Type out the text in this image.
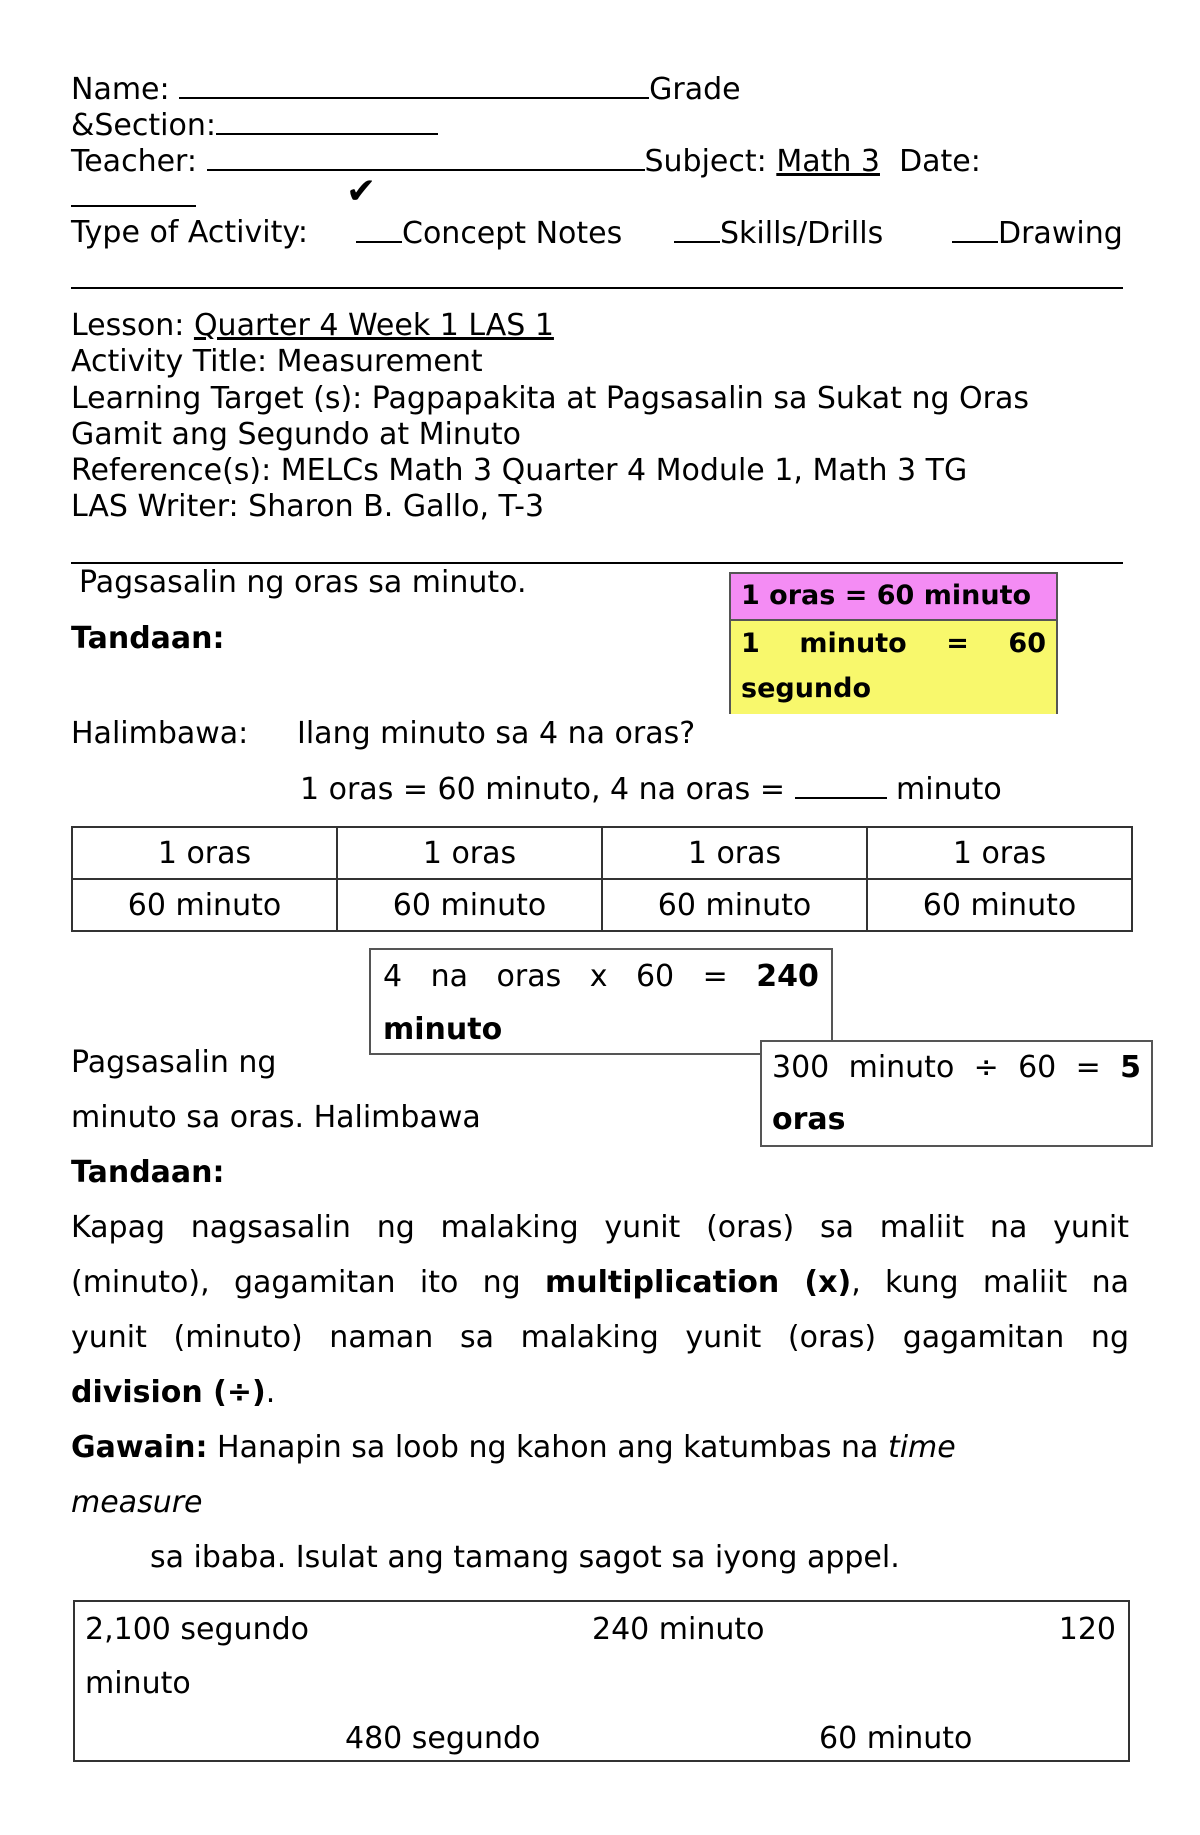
Name:	Grade
&Section:
Teacher:	Subject: Math 3 Date:
✔
Type of Activity:	Concept Notes	Skills/Drills	Drawing
Lesson: Quarter 4 Week 1 LAS 1
Activity Title: Measurement
Learning Target (s): Pagpapakita at Pagsasalin sa Sukat ng Oras
Gamit ang Segundo at Minuto
Reference(s): MELCs Math 3 Quarter 4 Module 1, Math 3 TG
LAS Writer: Sharon B. Gallo, T-3
Pagsasalin ng oras sa minuto.
Tandaan:
1 oras = 60 minuto
1 minuto = 60
segundo
Halimbawa: Ilang minuto sa 4 na oras?
1 oras = 60 minuto, 4 na oras =	minuto
1 oras	1 oras	1 oras	1 oras
60 minuto	60 minuto	60 minuto	60 minuto
4 na oras x 60 = 240
minuto
Pagsasalin ng
minuto sa oras. Halimbawa
300 minuto ÷ 60 = 5
oras
Tandaan:
Kapag nagsasalin ng malaking yunit (oras) sa maliit na yunit
(minuto), gagamitan ito ng multiplication (x), kung maliit na
yunit (minuto) naman sa malaking yunit (oras) gagamitan ng
division (÷).
Gawain: Hanapin sa loob ng kahon ang katumbas na time
measure
sa ibaba. Isulat ang tamang sagot sa iyong appel.
2,100 segundo	240 minuto	120
minuto
480 segundo	60 minuto
